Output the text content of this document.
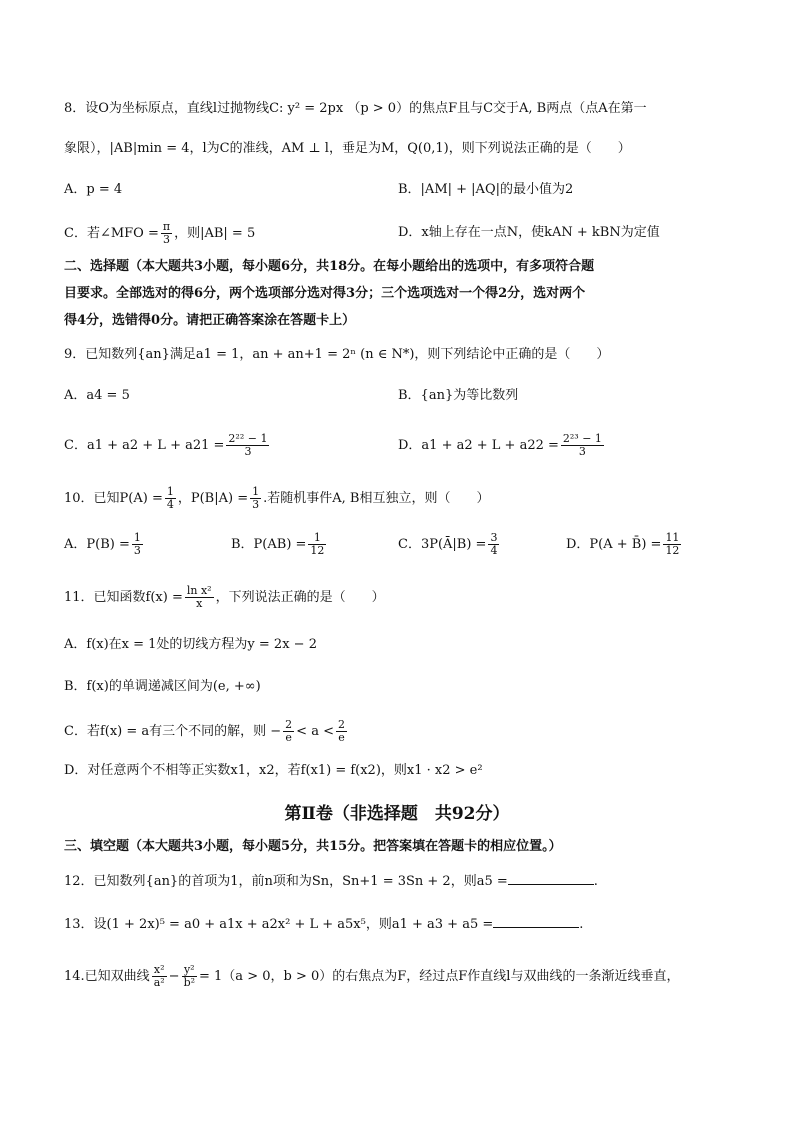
8．设O为坐标原点，直线l过抛物线C: y² = 2px （p > 0）的焦点F且与C交于A, B两点（点A在第一
象限），|AB|min = 4，l为C的准线，AM ⊥ l，垂足为M，Q(0,1)，则下列说法正确的是（　　）
A．p = 4	B．|AM| + |AQ|的最小值为2
C．若∠MFO = $\frac{\pi}{3}$ ，则|AB| = 5	D．x轴上存在一点N，使kAN + kBN为定值
二、选择题（本大题共3小题，每小题6分，共18分。在每小题给出的选项中，有多项符合题
目要求。全部选对的得6分，两个选项部分选对得3分；三个选项选对一个得2分，选对两个
得4分，选错得0分。请把正确答案涂在答题卡上）
9．已知数列{an}满足a1 = 1，an + an+1 = 2ⁿ (n ∈ N*)，则下列结论中正确的是（　　）
A．a4 = 5	B．{an}为等比数列
C．$a1 + a2 + L + a21 = \frac{\text{2²² − 1}}{3}$	D．$a1 + a2 + L + a22 = \frac{\text{2²³ − 1}}{3}$
10．已知$P(A) = \frac{1}{4}$ ，$P(B|A) = \frac{1}{3}$ .若随机事件A, B相互独立，则（　　）
A．$P(B) = \frac{1}{3}$	B．$P(AB) = \frac{1}{12}$	C．3P(Ā|B) = $\frac{3}{4}$	D．P(A + B̄) = $\frac{11}{12}$
11．已知函数$f(x) = \frac{\text{ln x²}}{x}$ ，下列说法正确的是（　　）
A．f(x)在x = 1处的切线方程为y = 2x − 2
B．f(x)的单调递减区间为(e, +∞)
C．若f(x) = a有三个不同的解，则 − $\frac{2}{e} < a < \frac{2}{e}$
D．对任意两个不相等正实数x1，x2，若f(x1) = f(x2)，则x1 · x2 > e²
第Ⅱ卷（非选择题　共92分）
三、填空题（本大题共3小题，每小题5分，共15分。把答案填在答题卡的相应位置。）
12．已知数列{an}的首项为1，前n项和为Sn，Sn+1 = 3Sn + 2，则a5 =	.
13．设(1 + 2x)⁵ = a0 + a1x + a2x² + L + a5x⁵，则a1 + a3 + a5 =	.
14.已知双曲线 $\frac{\text{x²}}{\text{a²}} - \frac{\text{y²}}{\text{b²}} = 1(a > 0$，b > 0）的右焦点为F，经过点F作直线l与双曲线的一条渐近线垂直，
